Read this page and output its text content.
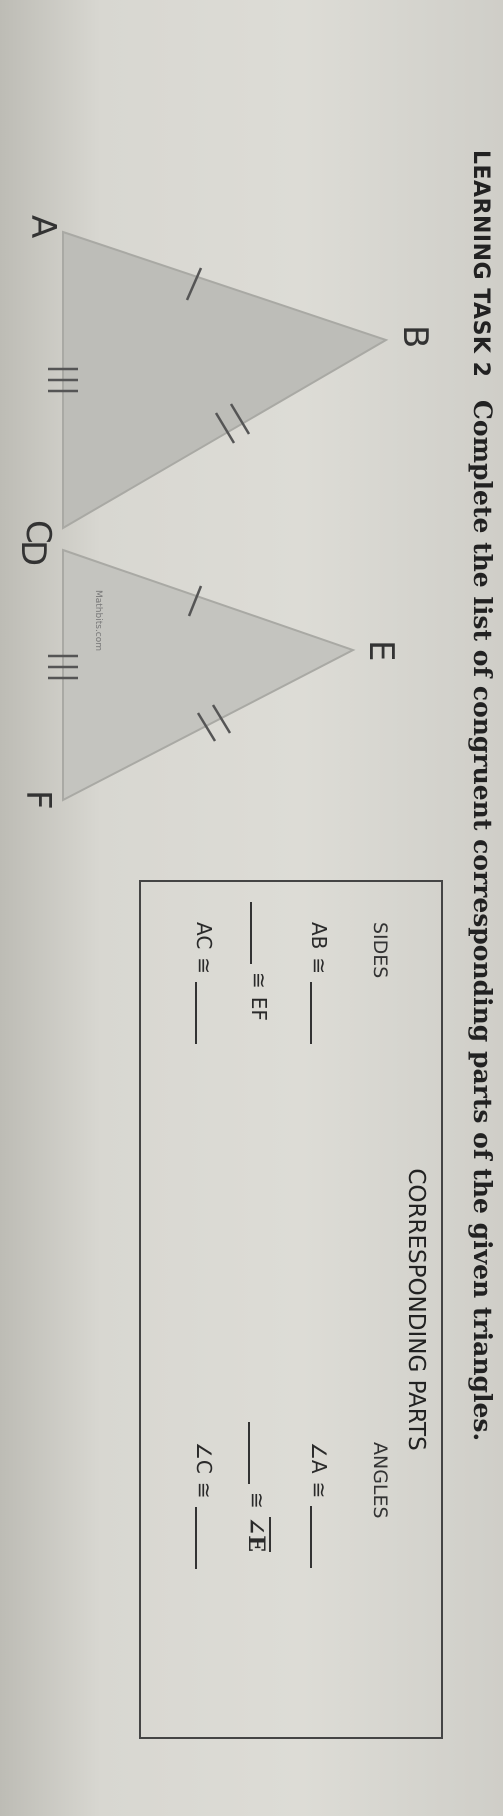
LEARNING TASK 2
Complete the list of congruent corresponding parts of the given triangles.
A
B
C
D
E
F
Mathbits.com
CORRESPONDING PARTS
SIDES
ANGLES
AB
≅
≅
EF
AC
≅
∠A
≅
≅
∠E
∠C
≅
